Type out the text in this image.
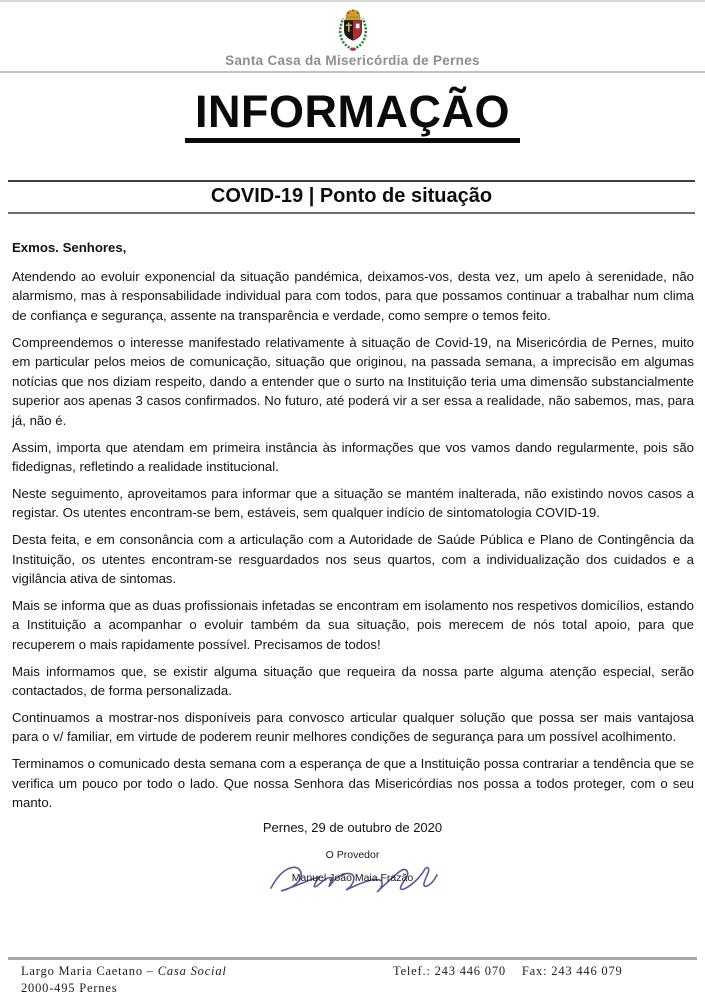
Santa Casa da Misericórdia de Pernes
INFORMAÇÃO
COVID-19 | Ponto de situação

Exmos. Senhores,

Atendendo ao evoluir exponencial da situação pandémica, deixamos-vos, desta vez, um apelo à serenidade, não alarmismo, mas à responsabilidade individual para com todos, para que possamos continuar a trabalhar num clima de confiança e segurança, assente na transparência e verdade, como sempre o temos feito.

Compreendemos o interesse manifestado relativamente à situação de Covid-19, na Misericórdia de Pernes, muito em particular pelos meios de comunicação, situação que originou, na passada semana, a imprecisão em algumas notícias que nos diziam respeito, dando a entender que o surto na Instituição teria uma dimensão substancialmente superior aos apenas 3 casos confirmados. No futuro, até poderá vir a ser essa a realidade, não sabemos, mas, para já, não é.

Assim, importa que atendam em primeira instância às informações que vos vamos dando regularmente, pois são fidedignas, refletindo a realidade institucional.

Neste seguimento, aproveitamos para informar que a situação se mantém inalterada, não existindo novos casos a registar. Os utentes encontram-se bem, estáveis, sem qualquer indício de sintomatologia COVID-19.

Desta feita, e em consonância com a articulação com a Autoridade de Saúde Pública e Plano de Contingência da Instituição, os utentes encontram-se resguardados nos seus quartos, com a individualização dos cuidados e a vigilância ativa de sintomas.

Mais se informa que as duas profissionais infetadas se encontram em isolamento nos respetivos domicílios, estando a Instituição a acompanhar o evoluir também da sua situação, pois merecem de nós total apoio, para que recuperem o mais rapidamente possível. Precisamos de todos!

Mais informamos que, se existir alguma situação que requeira da nossa parte alguma atenção especial, serão contactados, de forma personalizada.

Continuamos a mostrar-nos disponíveis para convosco articular qualquer solução que possa ser mais vantajosa para o v/ familiar, em virtude de poderem reunir melhores condições de segurança para um possível acolhimento.

Terminamos o comunicado desta semana com a esperança de que a Instituição possa contrariar a tendência que se verifica um pouco por todo o lado. Que nossa Senhora das Misericórdias nos possa a todos proteger, com o seu manto.

Pernes, 29 de outubro de 2020
O Provedor
Manuel João Maia Frazão
Largo Maria Caetano – Casa Social
2000-495 Pernes
Telef.: 243 446 070 Fax: 243 446 079
